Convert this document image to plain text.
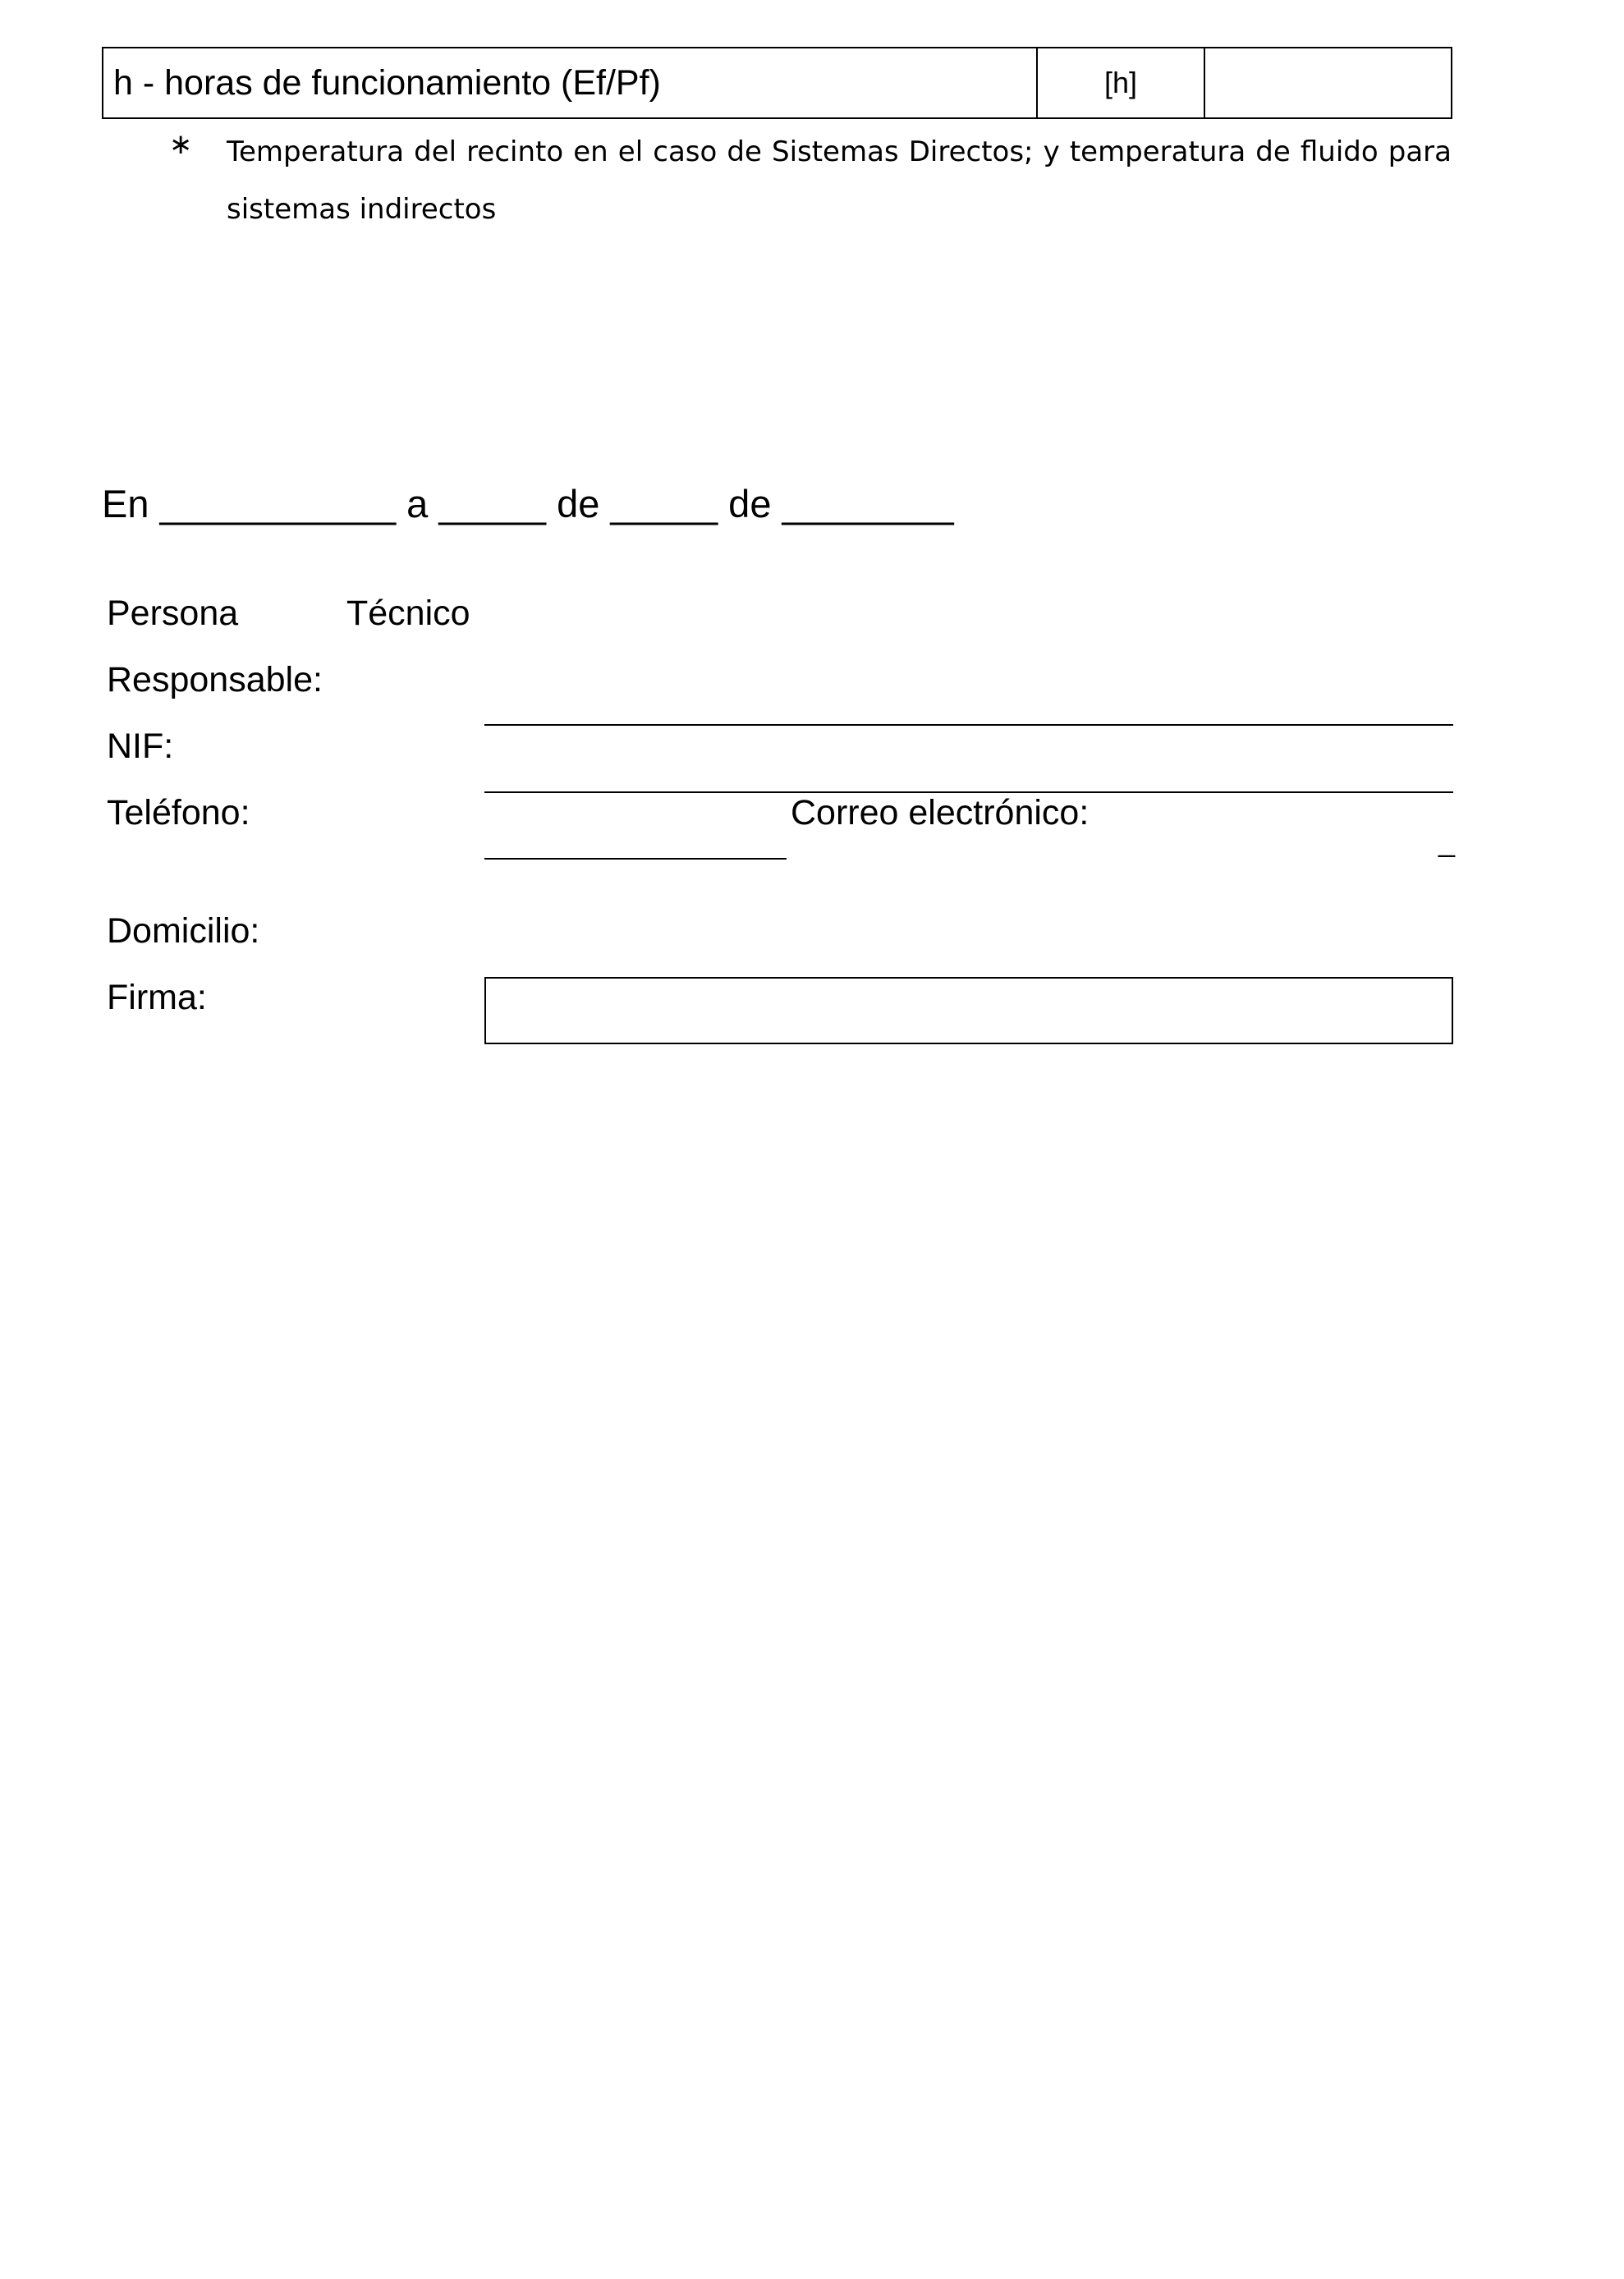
h - horas de funcionamiento (Ef/Pf)	[h]
∗ Temperatura del recinto en el caso de Sistemas Directos; y temperatura de fluido para sistemas indirectos
En ___________ a _____ de _____ de ________
Persona	Técnico
Responsable:
NIF:
Teléfono:	Correo electrónico:
_
Domicilio:
Firma:
